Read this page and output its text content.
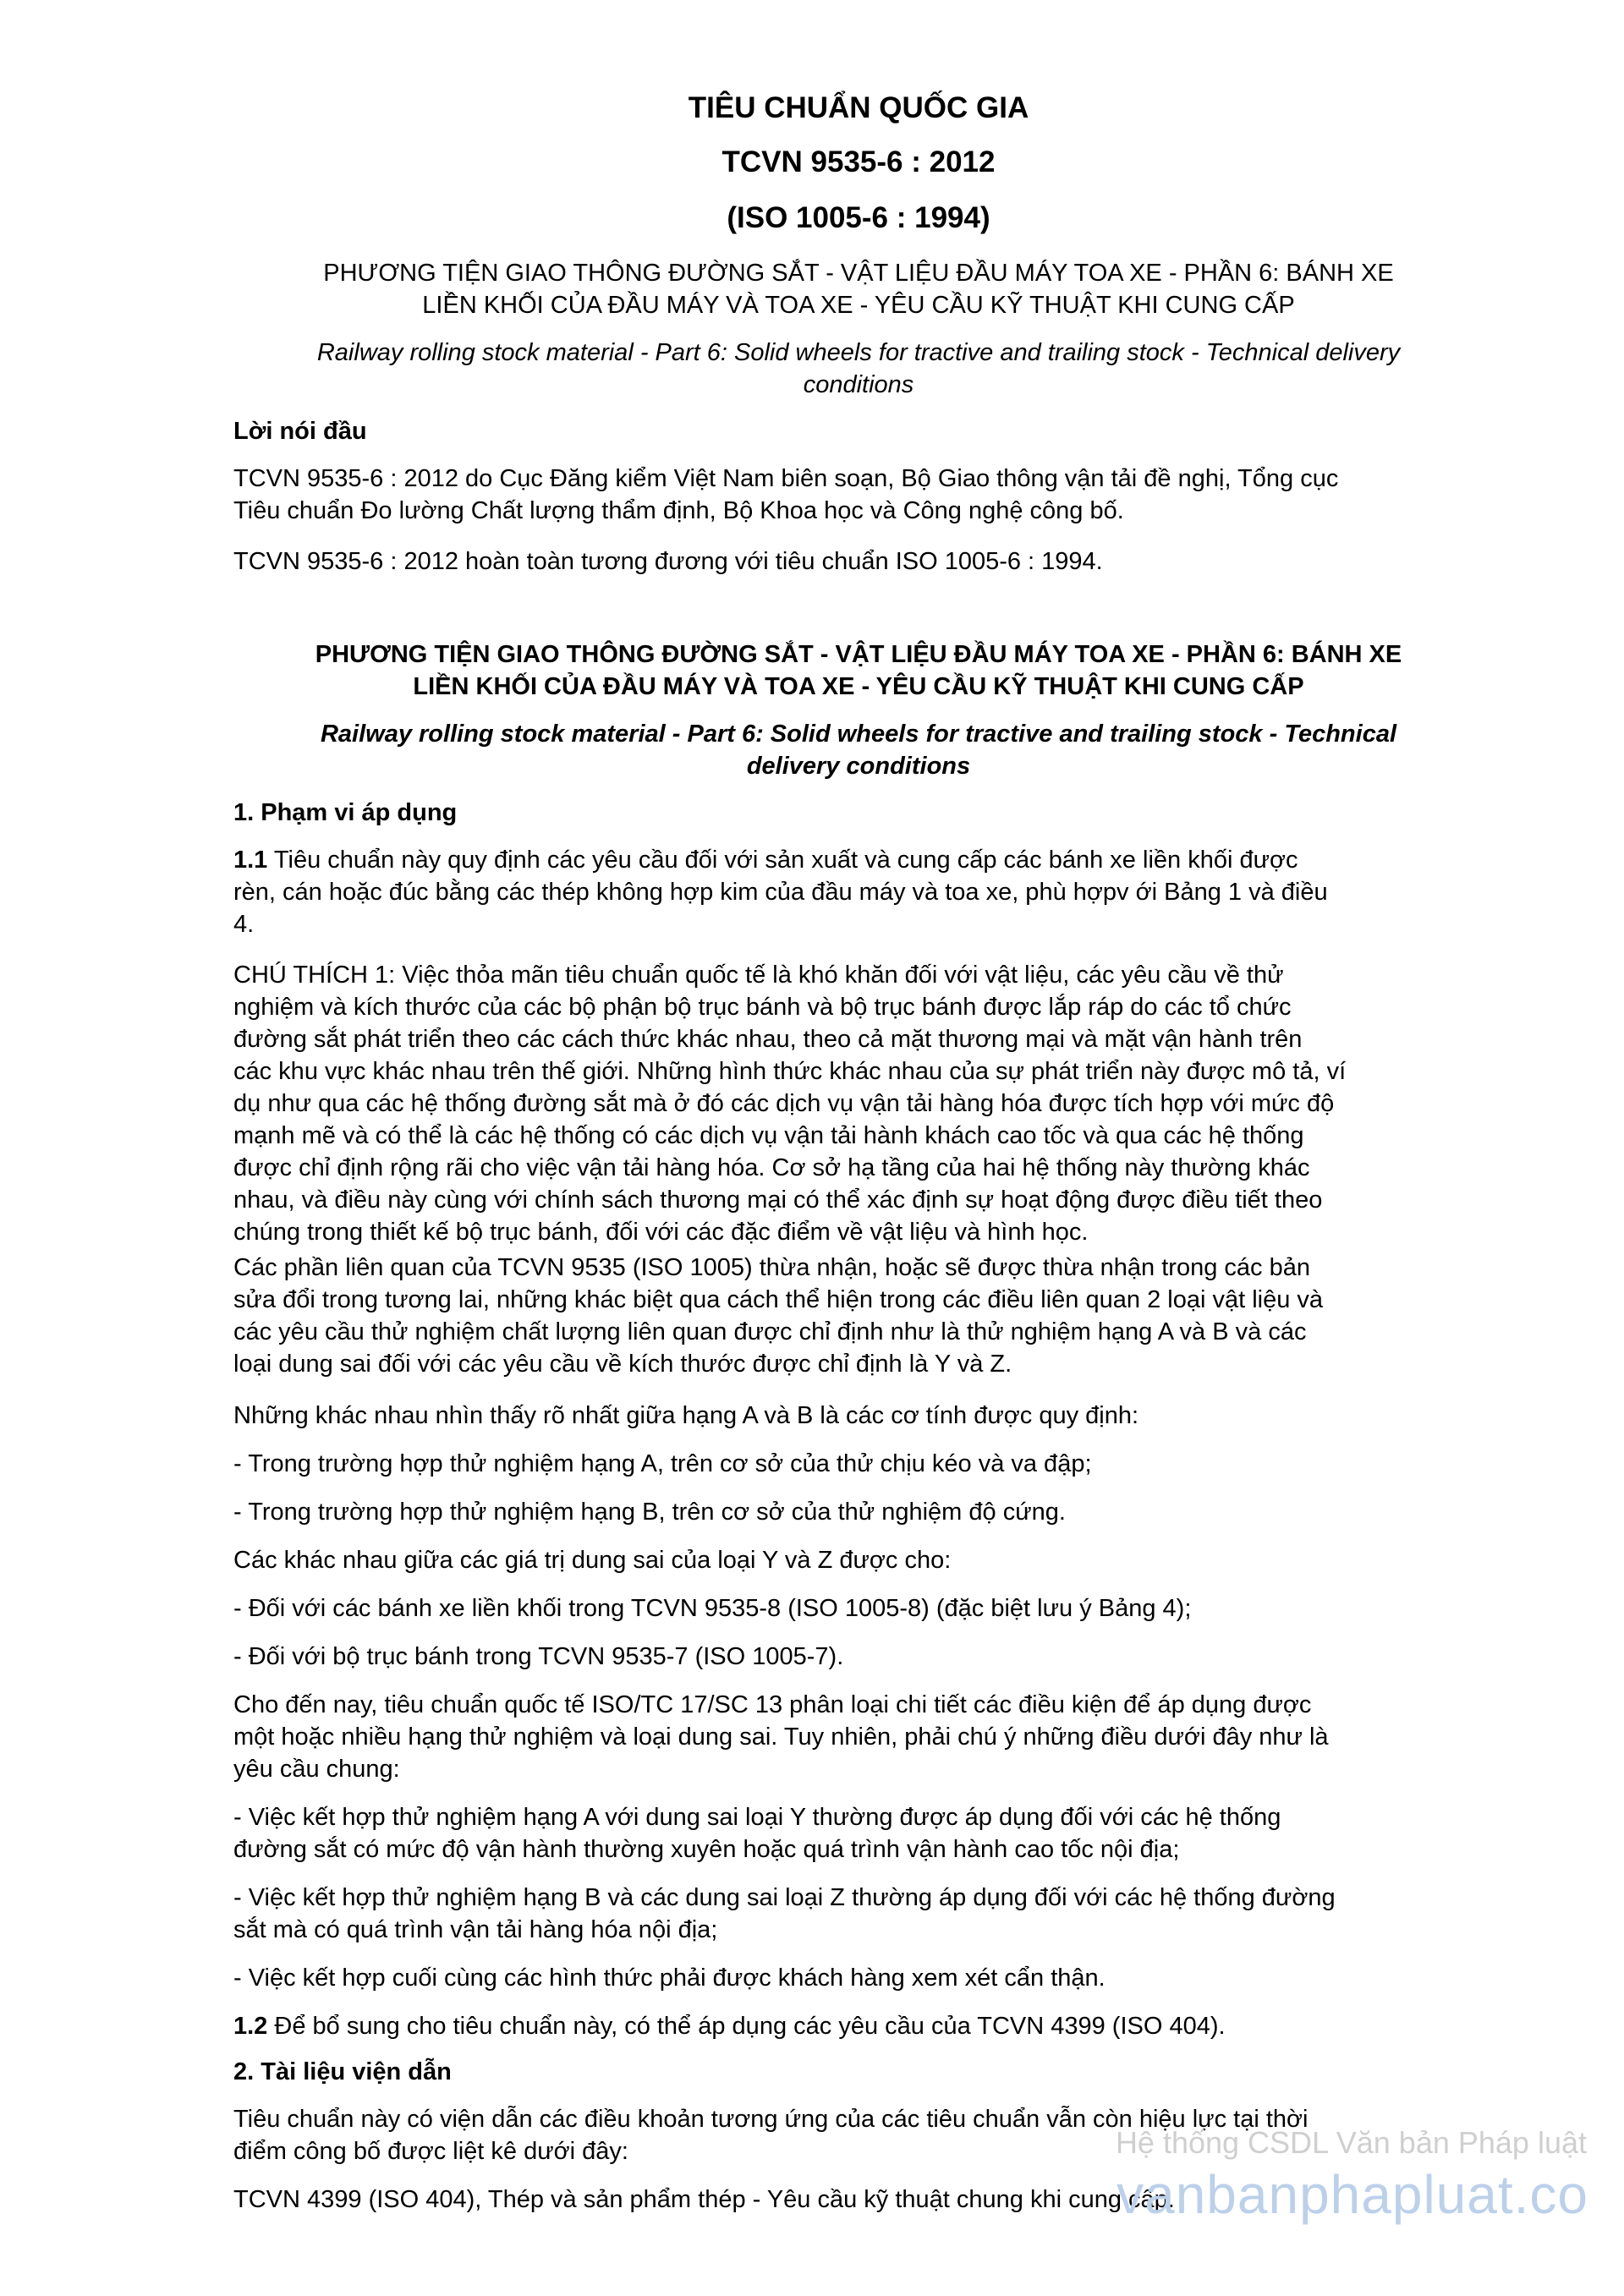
TIÊU CHUẨN QUỐC GIA

TCVN 9535-6 : 2012

(ISO 1005-6 : 1994)

PHƯƠNG TIỆN GIAO THÔNG ĐƯỜNG SẮT - VẬT LIỆU ĐẦU MÁY TOA XE - PHẦN 6: BÁNH XE

LIỀN KHỐI CỦA ĐẦU MÁY VÀ TOA XE - YÊU CẦU KỸ THUẬT KHI CUNG CẤP

Railway rolling stock material - Part 6: Solid wheels for tractive and trailing stock - Technical delivery

conditions

Lời nói đầu

TCVN 9535-6 : 2012 do Cục Đăng kiểm Việt Nam biên soạn, Bộ Giao thông vận tải đề nghị, Tổng cục
Tiêu chuẩn Đo lường Chất lượng thẩm định, Bộ Khoa học và Công nghệ công bố.

TCVN 9535-6 : 2012 hoàn toàn tương đương với tiêu chuẩn ISO 1005-6 : 1994.

PHƯƠNG TIỆN GIAO THÔNG ĐƯỜNG SẮT - VẬT LIỆU ĐẦU MÁY TOA XE - PHẦN 6: BÁNH XE

LIỀN KHỐI CỦA ĐẦU MÁY VÀ TOA XE - YÊU CẦU KỸ THUẬT KHI CUNG CẤP

Railway rolling stock material - Part 6: Solid wheels for tractive and trailing stock - Technical

delivery conditions

1. Phạm vi áp dụng

1.1 Tiêu chuẩn này quy định các yêu cầu đối với sản xuất và cung cấp các bánh xe liền khối được
rèn, cán hoặc đúc bằng các thép không hợp kim của đầu máy và toa xe, phù hợpv ới Bảng 1 và điều
4.

CHÚ THÍCH 1: Việc thỏa mãn tiêu chuẩn quốc tế là khó khăn đối với vật liệu, các yêu cầu về thử
nghiệm và kích thước của các bộ phận bộ trục bánh và bộ trục bánh được lắp ráp do các tổ chức
đường sắt phát triển theo các cách thức khác nhau, theo cả mặt thương mại và mặt vận hành trên
các khu vực khác nhau trên thế giới. Những hình thức khác nhau của sự phát triển này được mô tả, ví
dụ như qua các hệ thống đường sắt mà ở đó các dịch vụ vận tải hàng hóa được tích hợp với mức độ
mạnh mẽ và có thể là các hệ thống có các dịch vụ vận tải hành khách cao tốc và qua các hệ thống
được chỉ định rộng rãi cho việc vận tải hàng hóa. Cơ sở hạ tầng của hai hệ thống này thường khác
nhau, và điều này cùng với chính sách thương mại có thể xác định sự hoạt động được điều tiết theo
chúng trong thiết kế bộ trục bánh, đối với các đặc điểm về vật liệu và hình học.

Các phần liên quan của TCVN 9535 (ISO 1005) thừa nhận, hoặc sẽ được thừa nhận trong các bản
sửa đổi trong tương lai, những khác biệt qua cách thể hiện trong các điều liên quan 2 loại vật liệu và
các yêu cầu thử nghiệm chất lượng liên quan được chỉ định như là thử nghiệm hạng A và B và các
loại dung sai đối với các yêu cầu về kích thước được chỉ định là Y và Z.

Những khác nhau nhìn thấy rõ nhất giữa hạng A và B là các cơ tính được quy định:

- Trong trường hợp thử nghiệm hạng A, trên cơ sở của thử chịu kéo và va đập;

- Trong trường hợp thử nghiệm hạng B, trên cơ sở của thử nghiệm độ cứng.

Các khác nhau giữa các giá trị dung sai của loại Y và Z được cho:

- Đối với các bánh xe liền khối trong TCVN 9535-8 (ISO 1005-8) (đặc biệt lưu ý Bảng 4);

- Đối với bộ trục bánh trong TCVN 9535-7 (ISO 1005-7).

Cho đến nay, tiêu chuẩn quốc tế ISO/TC 17/SC 13 phân loại chi tiết các điều kiện để áp dụng được
một hoặc nhiều hạng thử nghiệm và loại dung sai. Tuy nhiên, phải chú ý những điều dưới đây như là
yêu cầu chung:

- Việc kết hợp thử nghiệm hạng A với dung sai loại Y thường được áp dụng đối với các hệ thống
đường sắt có mức độ vận hành thường xuyên hoặc quá trình vận hành cao tốc nội địa;

- Việc kết hợp thử nghiệm hạng B và các dung sai loại Z thường áp dụng đối với các hệ thống đường
sắt mà có quá trình vận tải hàng hóa nội địa;

- Việc kết hợp cuối cùng các hình thức phải được khách hàng xem xét cẩn thận.

1.2 Để bổ sung cho tiêu chuẩn này, có thể áp dụng các yêu cầu của TCVN 4399 (ISO 404).

2. Tài liệu viện dẫn

Tiêu chuẩn này có viện dẫn các điều khoản tương ứng của các tiêu chuẩn vẫn còn hiệu lực tại thời
điểm công bố được liệt kê dưới đây:

TCVN 4399 (ISO 404), Thép và sản phẩm thép - Yêu cầu kỹ thuật chung khi cung cấp.

Hệ thống CSDL Văn bản Pháp luật
vanbanphapluat.co
